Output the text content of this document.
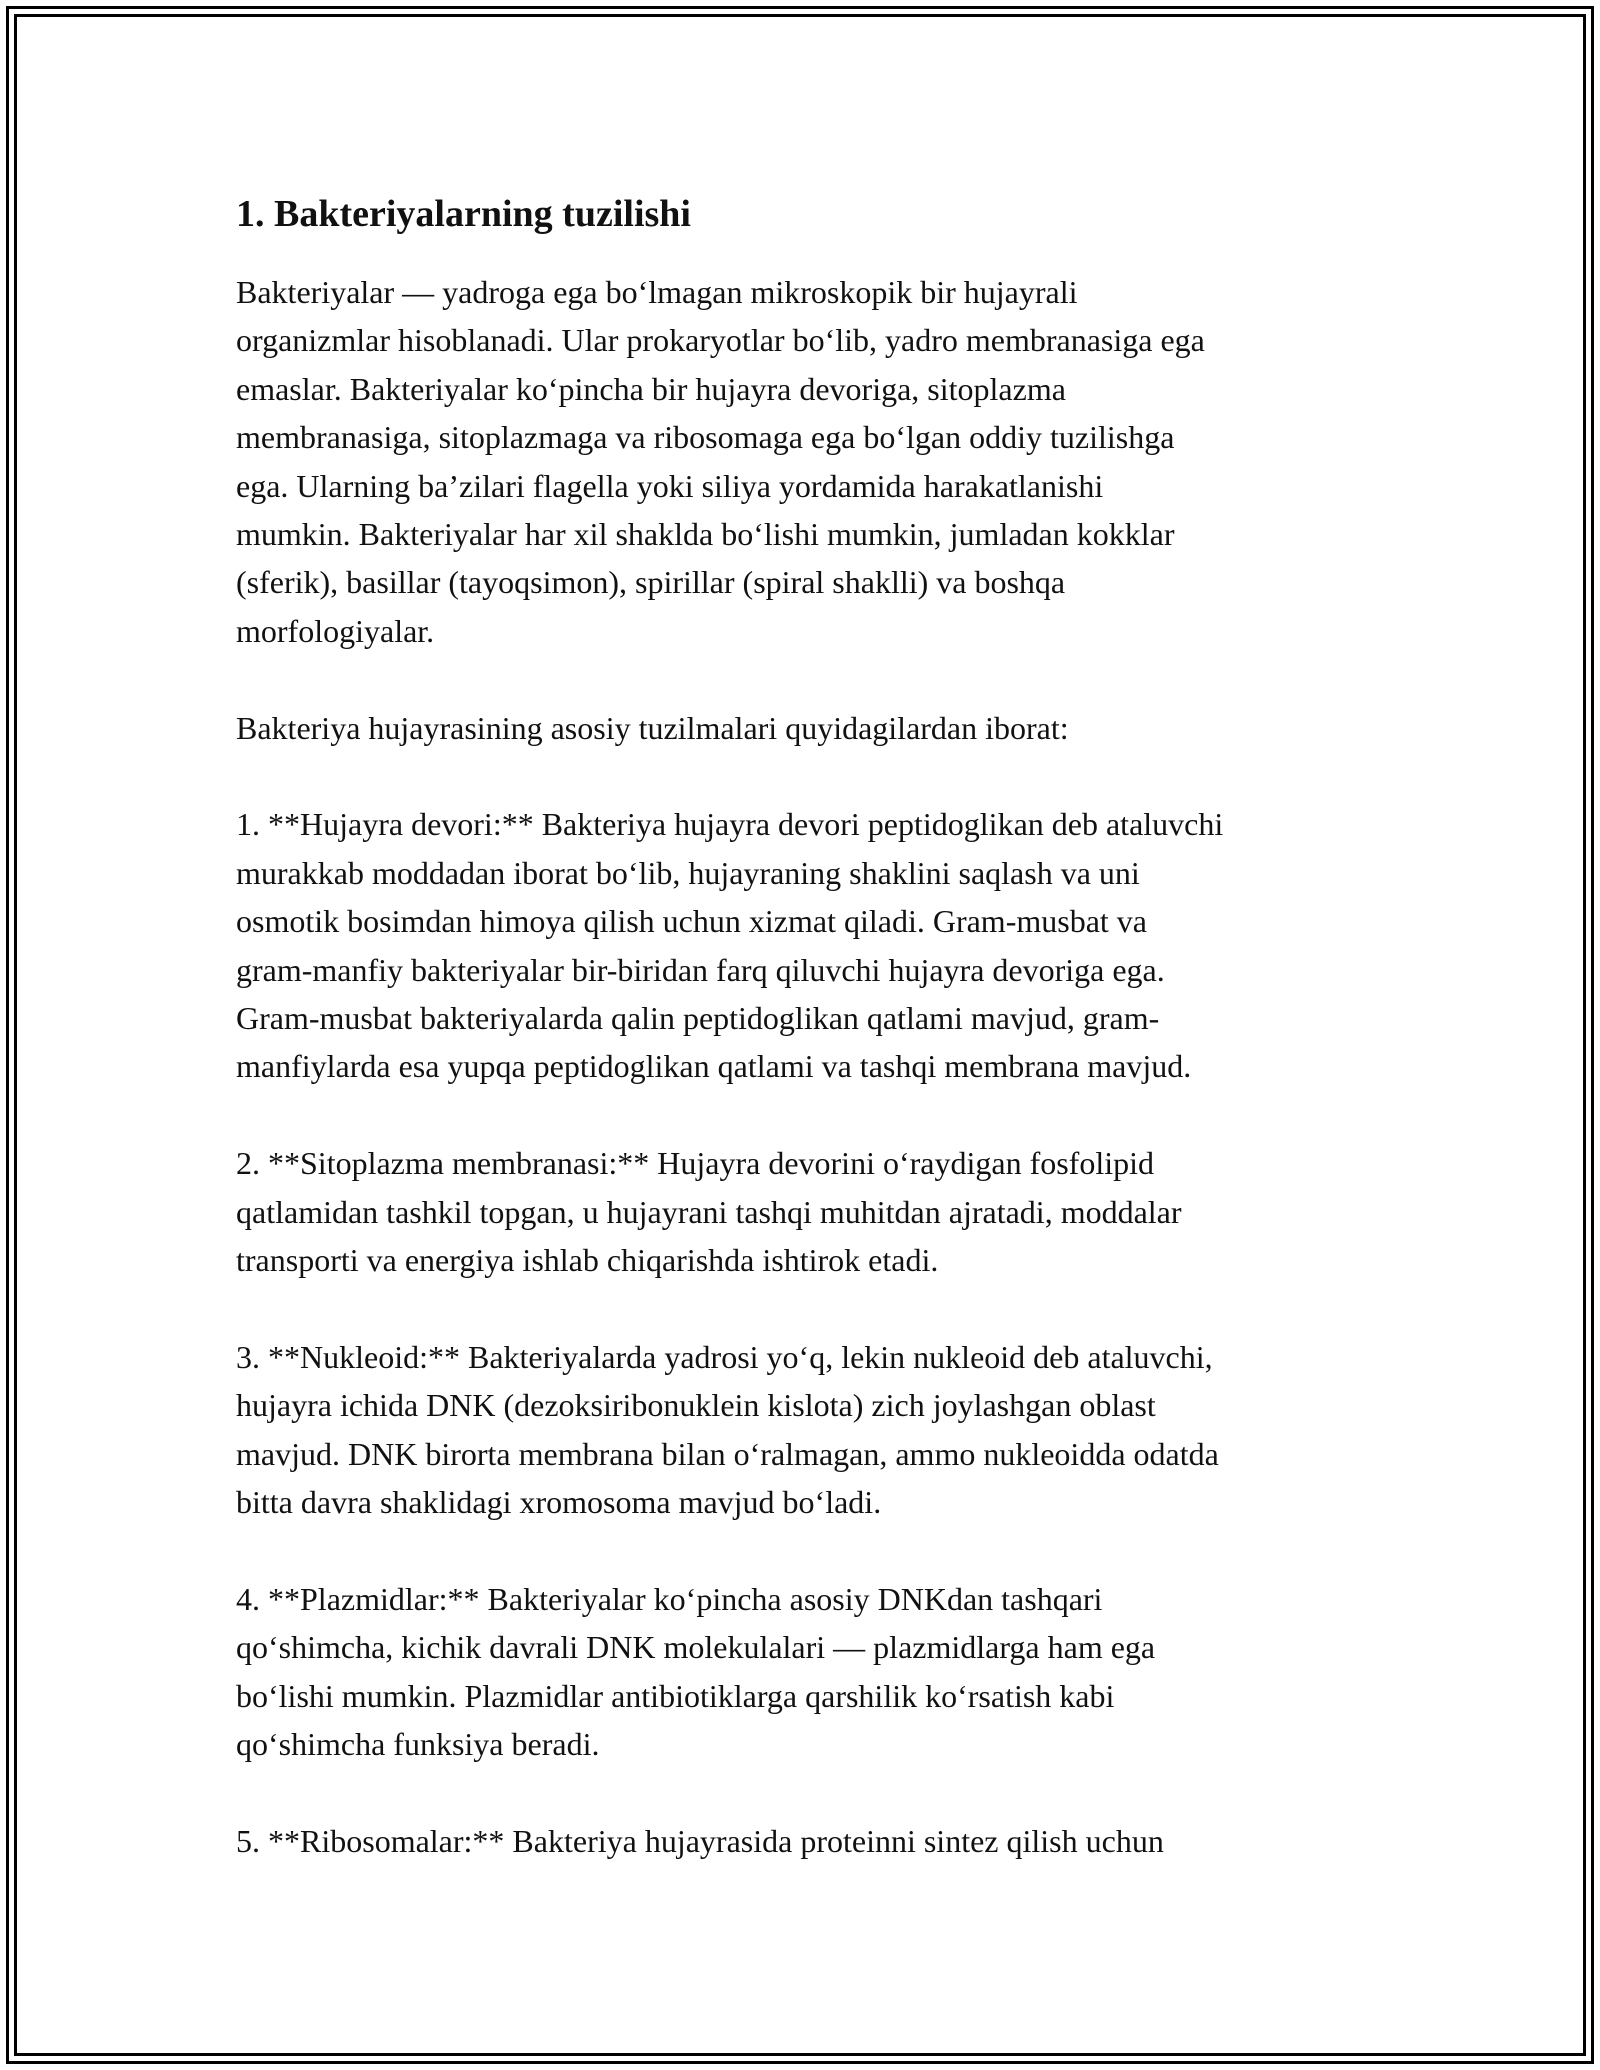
1. Bakteriyalarning tuzilishi
Bakteriyalar — yadroga ega bo‘lmagan mikroskopik bir hujayrali
organizmlar hisoblanadi. Ular prokaryotlar bo‘lib, yadro membranasiga ega
emaslar. Bakteriyalar ko‘pincha bir hujayra devoriga, sitoplazma
membranasiga, sitoplazmaga va ribosomaga ega bo‘lgan oddiy tuzilishga
ega. Ularning ba’zilari flagella yoki siliya yordamida harakatlanishi
mumkin. Bakteriyalar har xil shaklda bo‘lishi mumkin, jumladan kokklar
(sferik), basillar (tayoqsimon), spirillar (spiral shaklli) va boshqa
morfologiyalar.
Bakteriya hujayrasining asosiy tuzilmalari quyidagilardan iborat:
1. **Hujayra devori:** Bakteriya hujayra devori peptidoglikan deb ataluvchi
murakkab moddadan iborat bo‘lib, hujayraning shaklini saqlash va uni
osmotik bosimdan himoya qilish uchun xizmat qiladi. Gram-musbat va
gram-manfiy bakteriyalar bir-biridan farq qiluvchi hujayra devoriga ega.
Gram-musbat bakteriyalarda qalin peptidoglikan qatlami mavjud, gram-
manfiylarda esa yupqa peptidoglikan qatlami va tashqi membrana mavjud.
2. **Sitoplazma membranasi:** Hujayra devorini o‘raydigan fosfolipid
qatlamidan tashkil topgan, u hujayrani tashqi muhitdan ajratadi, moddalar
transporti va energiya ishlab chiqarishda ishtirok etadi.
3. **Nukleoid:** Bakteriyalarda yadrosi yo‘q, lekin nukleoid deb ataluvchi,
hujayra ichida DNK (dezoksiribonuklein kislota) zich joylashgan oblast
mavjud. DNK birorta membrana bilan o‘ralmagan, ammo nukleoidda odatda
bitta davra shaklidagi xromosoma mavjud bo‘ladi.
4. **Plazmidlar:** Bakteriyalar ko‘pincha asosiy DNKdan tashqari
qo‘shimcha, kichik davrali DNK molekulalari — plazmidlarga ham ega
bo‘lishi mumkin. Plazmidlar antibiotiklarga qarshilik ko‘rsatish kabi
qo‘shimcha funksiya beradi.
5. **Ribosomalar:** Bakteriya hujayrasida proteinni sintez qilish uchun
